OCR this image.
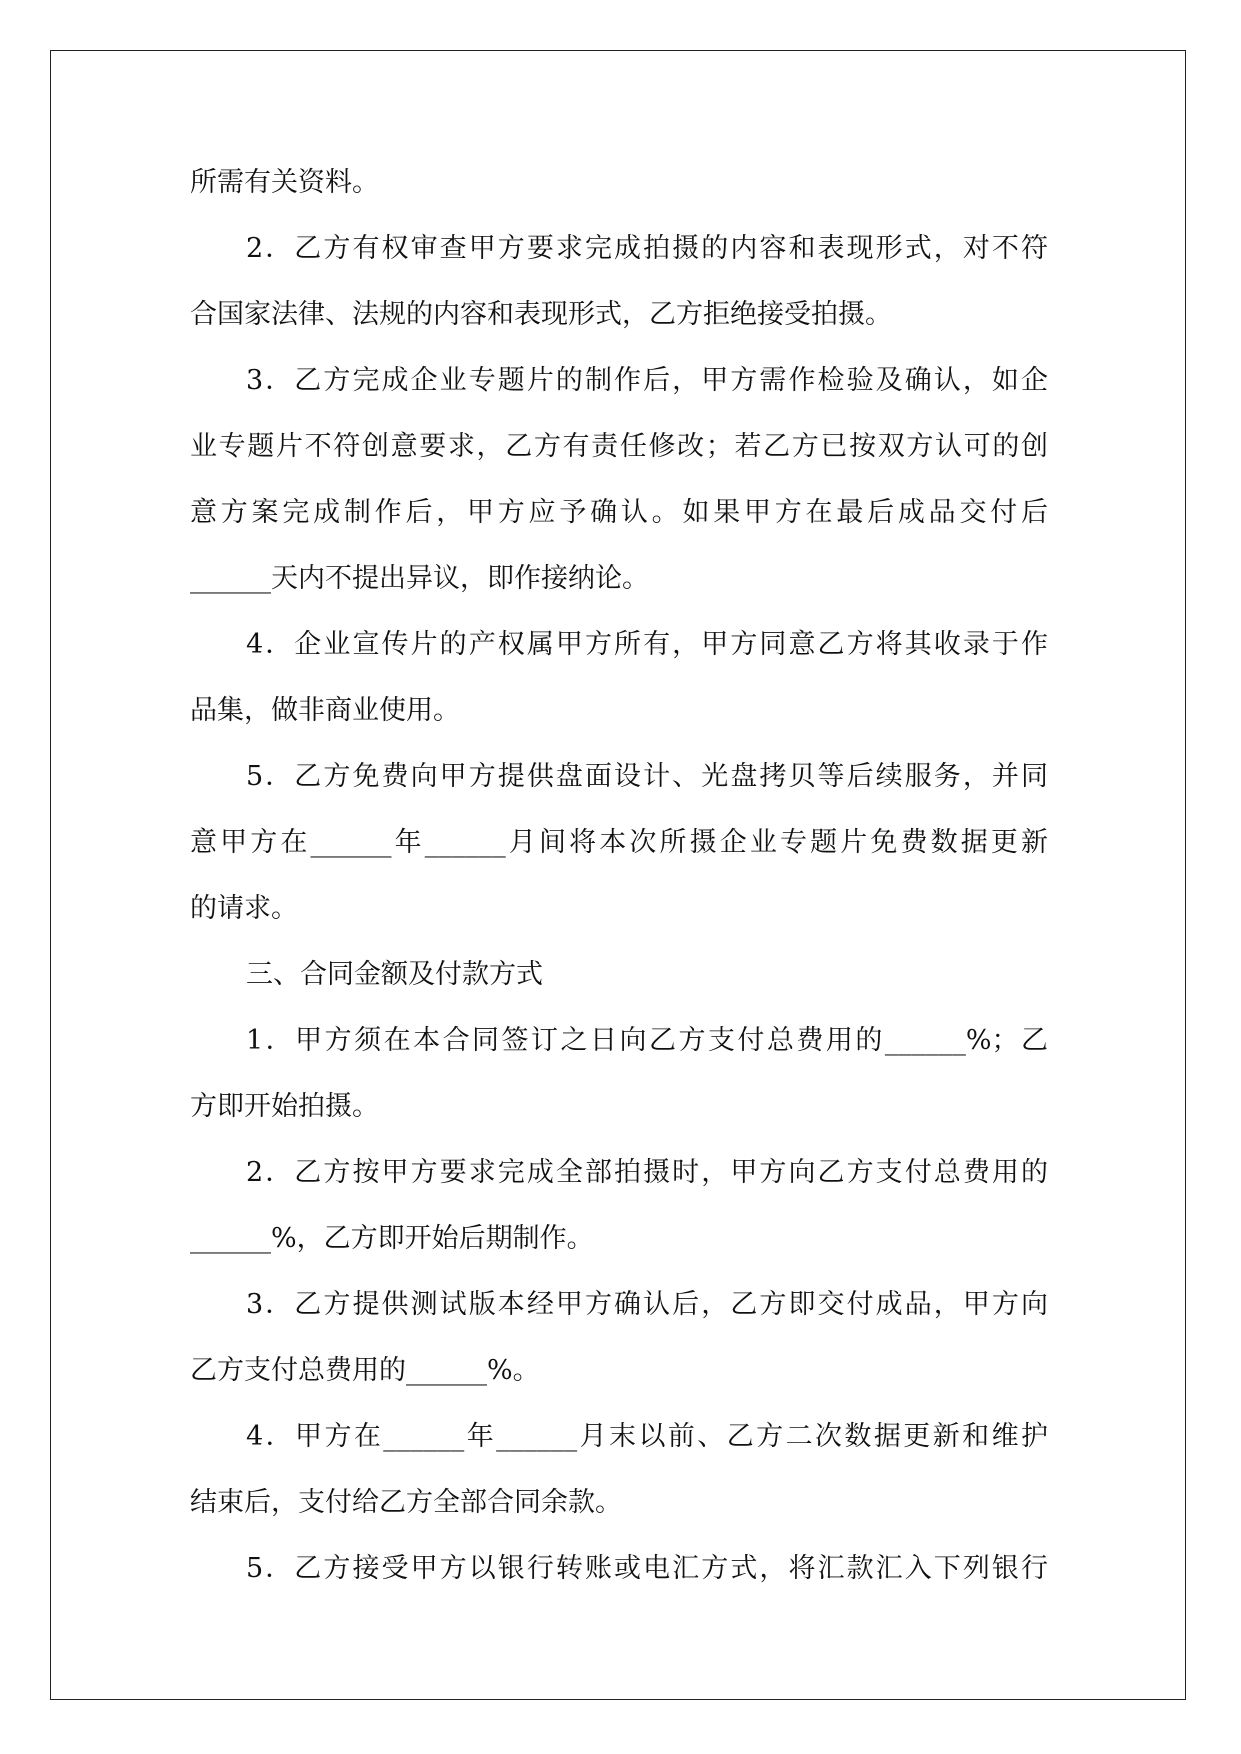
所需有关资料。
2．乙方有权审查甲方要求完成拍摄的内容和表现形式，对不符
合国家法律、法规的内容和表现形式，乙方拒绝接受拍摄。
3．乙方完成企业专题片的制作后，甲方需作检验及确认，如企
业专题片不符创意要求，乙方有责任修改；若乙方已按双方认可的创
意方案完成制作后，甲方应予确认。如果甲方在最后成品交付后
______天内不提出异议，即作接纳论。
4．企业宣传片的产权属甲方所有，甲方同意乙方将其收录于作
品集，做非商业使用。
5．乙方免费向甲方提供盘面设计、光盘拷贝等后续服务，并同
意甲方在______年______月间将本次所摄企业专题片免费数据更新
的请求。
三、合同金额及付款方式
1．甲方须在本合同签订之日向乙方支付总费用的______%；乙
方即开始拍摄。
2．乙方按甲方要求完成全部拍摄时，甲方向乙方支付总费用的
______%，乙方即开始后期制作。
3．乙方提供测试版本经甲方确认后，乙方即交付成品，甲方向
乙方支付总费用的______%。
4．甲方在______年______月末以前、乙方二次数据更新和维护
结束后，支付给乙方全部合同余款。
5．乙方接受甲方以银行转账或电汇方式，将汇款汇入下列银行
